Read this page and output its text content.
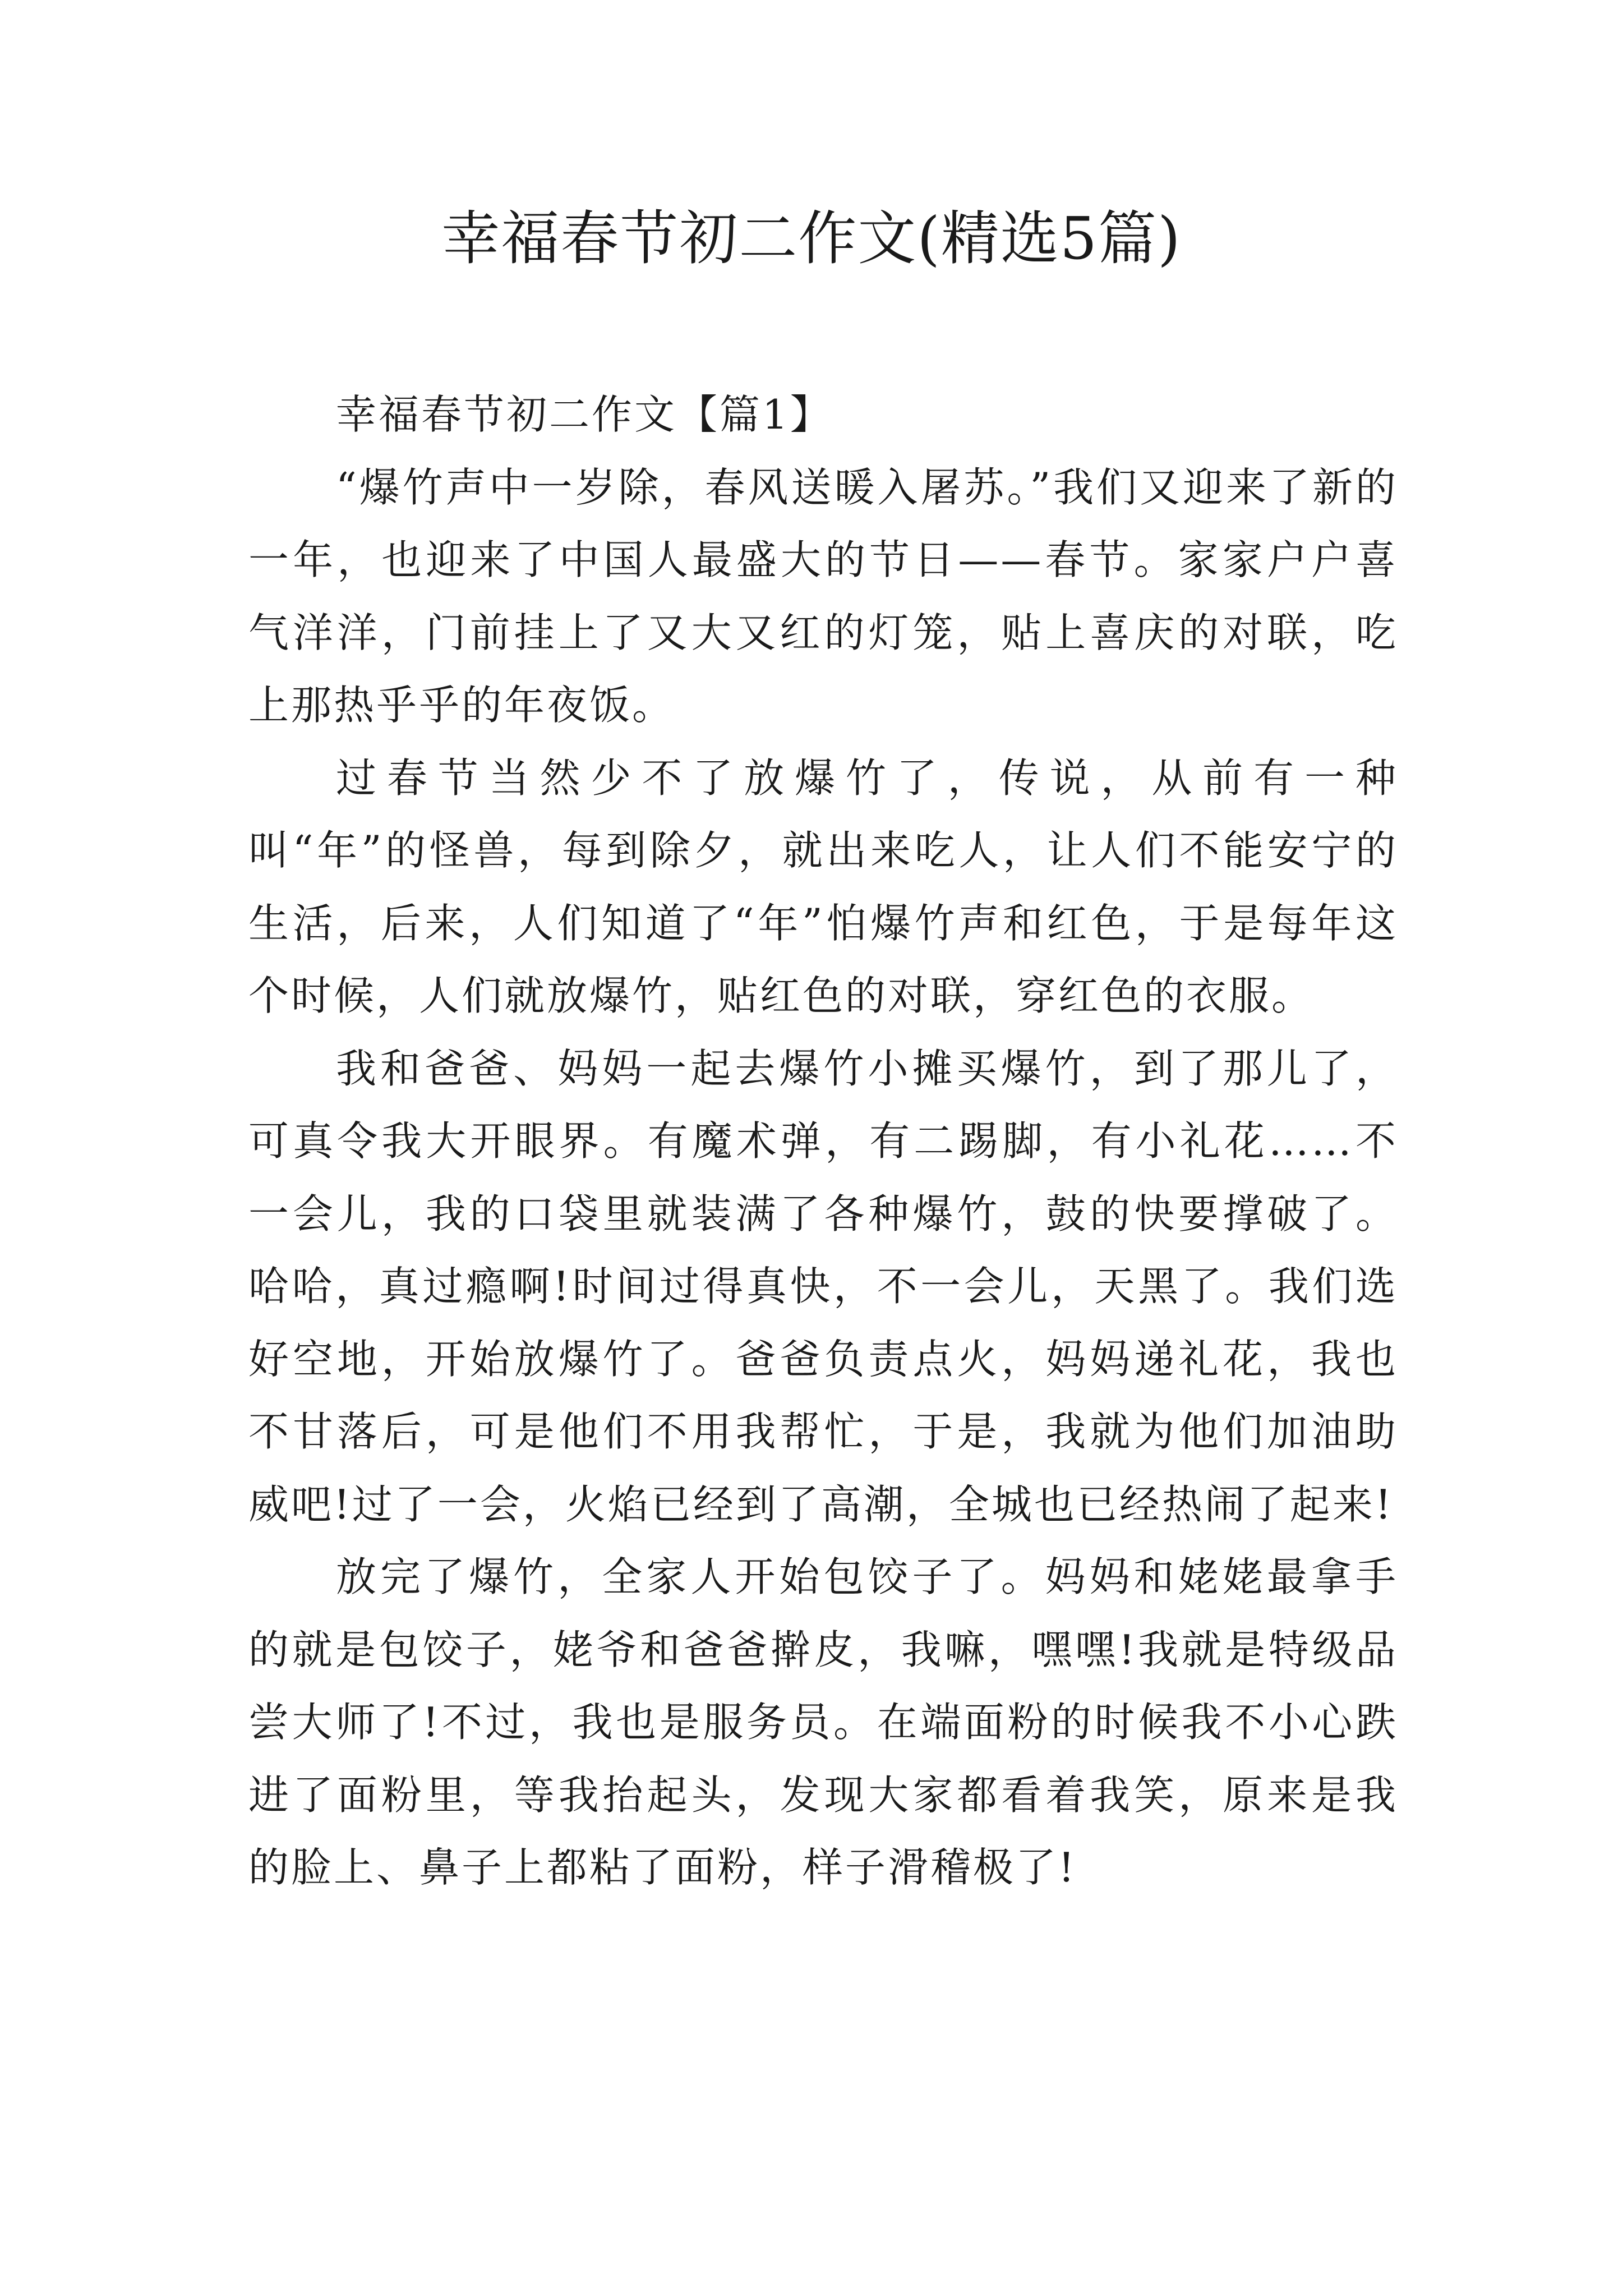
幸福春节初二作文(精选5篇)
幸福春节初二作文【篇1】

“爆竹声中一岁除，春风送暖入屠苏。”我们又迎来了新的一年，也迎来了中国人最盛大的节日——春节。家家户户喜气洋洋，门前挂上了又大又红的灯笼，贴上喜庆的对联，吃上那热乎乎的年夜饭。

过春节当然少不了放爆竹了，传说，从前有一种叫“年”的怪兽，每到除夕，就出来吃人，让人们不能安宁的生活，后来，人们知道了“年”怕爆竹声和红色，于是每年这个时候，人们就放爆竹，贴红色的对联，穿红色的衣服。

我和爸爸、妈妈一起去爆竹小摊买爆竹，到了那儿了，可真令我大开眼界。有魔术弹，有二踢脚，有小礼花……不一会儿，我的口袋里就装满了各种爆竹，鼓的快要撑破了。哈哈，真过瘾啊!时间过得真快，不一会儿，天黑了。我们选好空地，开始放爆竹了。爸爸负责点火，妈妈递礼花，我也不甘落后，可是他们不用我帮忙，于是，我就为他们加油助威吧!过了一会，火焰已经到了高潮，全城也已经热闹了起来!

放完了爆竹，全家人开始包饺子了。妈妈和姥姥最拿手的就是包饺子，姥爷和爸爸擀皮，我嘛，嘿嘿!我就是特级品尝大师了!不过，我也是服务员。在端面粉的时候我不小心跌进了面粉里，等我抬起头，发现大家都看着我笑，原来是我的脸上、鼻子上都粘了面粉，样子滑稽极了!
